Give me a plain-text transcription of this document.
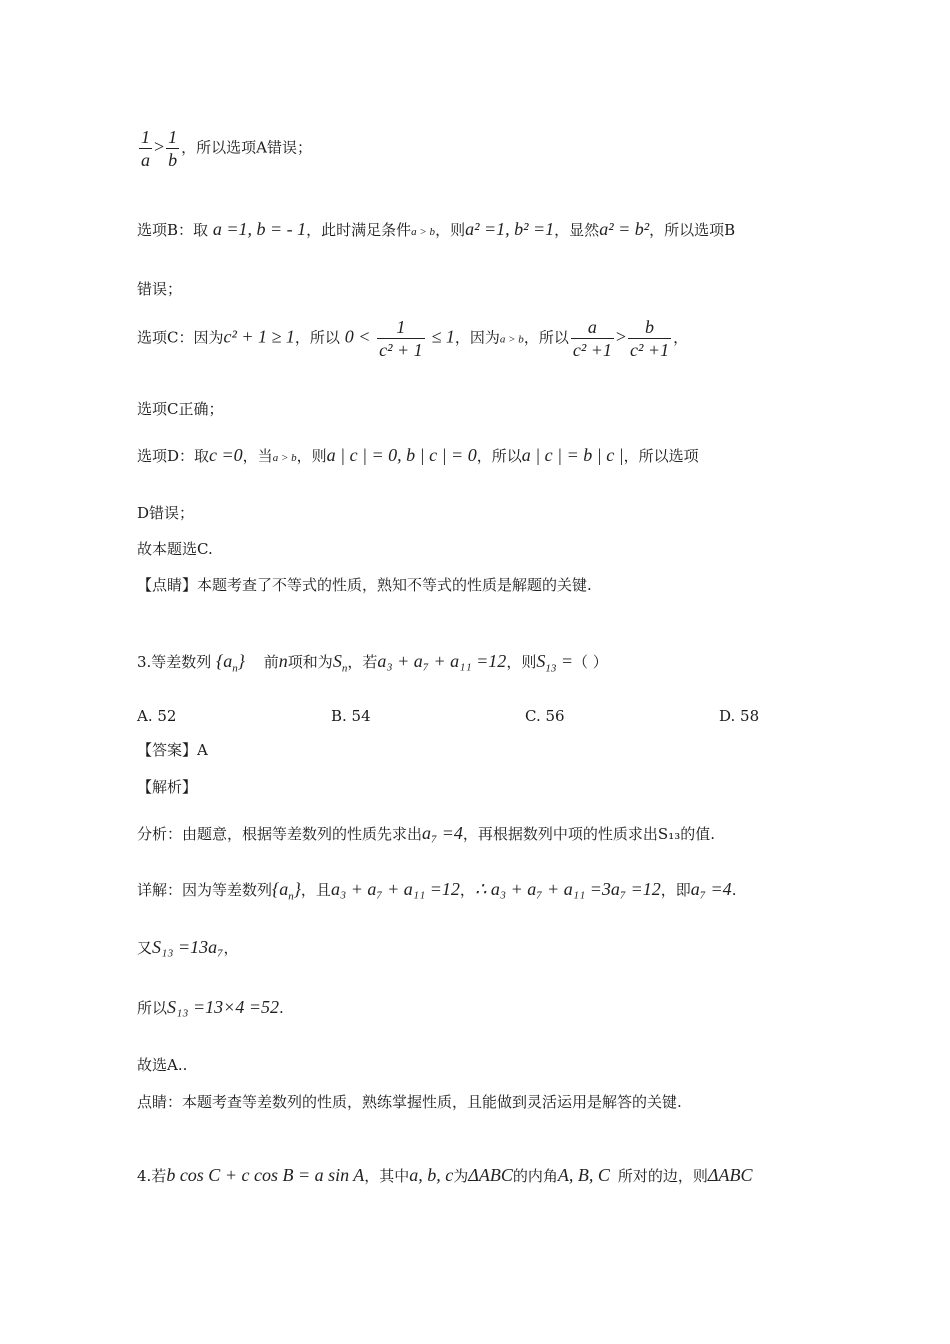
$\frac{1}{a} > \frac{1}{b}$ ，所以选项A错误；
选项B：取 a =1, b = - 1，此时满足条件a > b，则a² =1, b² =1，显然a² = b²，所以选项B
错误；
选项C：因为c² + 1 ≥ 1，所以 $0 < \frac{1}{\text{c² + 1}} \le 1$，因为a > b，所以 $\frac{a}{\text{c² +1}} > \frac{b}{\text{c² +1}}$ ，
选项C正确；
选项D：取c =0，当a > b，则a | c | = 0, b | c | = 0，所以a | c | = b | c |，所以选项
D错误；
故本题选C.
【点睛】本题考查了不等式的性质，熟知不等式的性质是解题的关键.
3.等差数列 $\{a_n\}$ 前n项和为$S_n$，若a₃ + a₇ + a₁₁ =12，则$S_{13}$ =（ ）
A. 52	B. 54	C. 56	D. 58
【答案】A
【解析】
分析：由题意，根据等差数列的性质先求出a₇ =4，再根据数列中项的性质求出S₁₃的值.
详解：因为等差数列$\{a_n\}$，且a₃ + a₇ + a₁₁ =12，∴ a₃ + a₇ + a₁₁ =3a₇ =12，即a₇ =4.
又S₁₃ =13a₇，
所以S₁₃ =13×4 =52.
故选A..
点睛：本题考查等差数列的性质，熟练掌握性质，且能做到灵活运用是解答的关键.
4.若b cos C + c cos B = a sin A，其中a, b, c为ΔABC的内角A, B, C 所对的边，则ΔABC
